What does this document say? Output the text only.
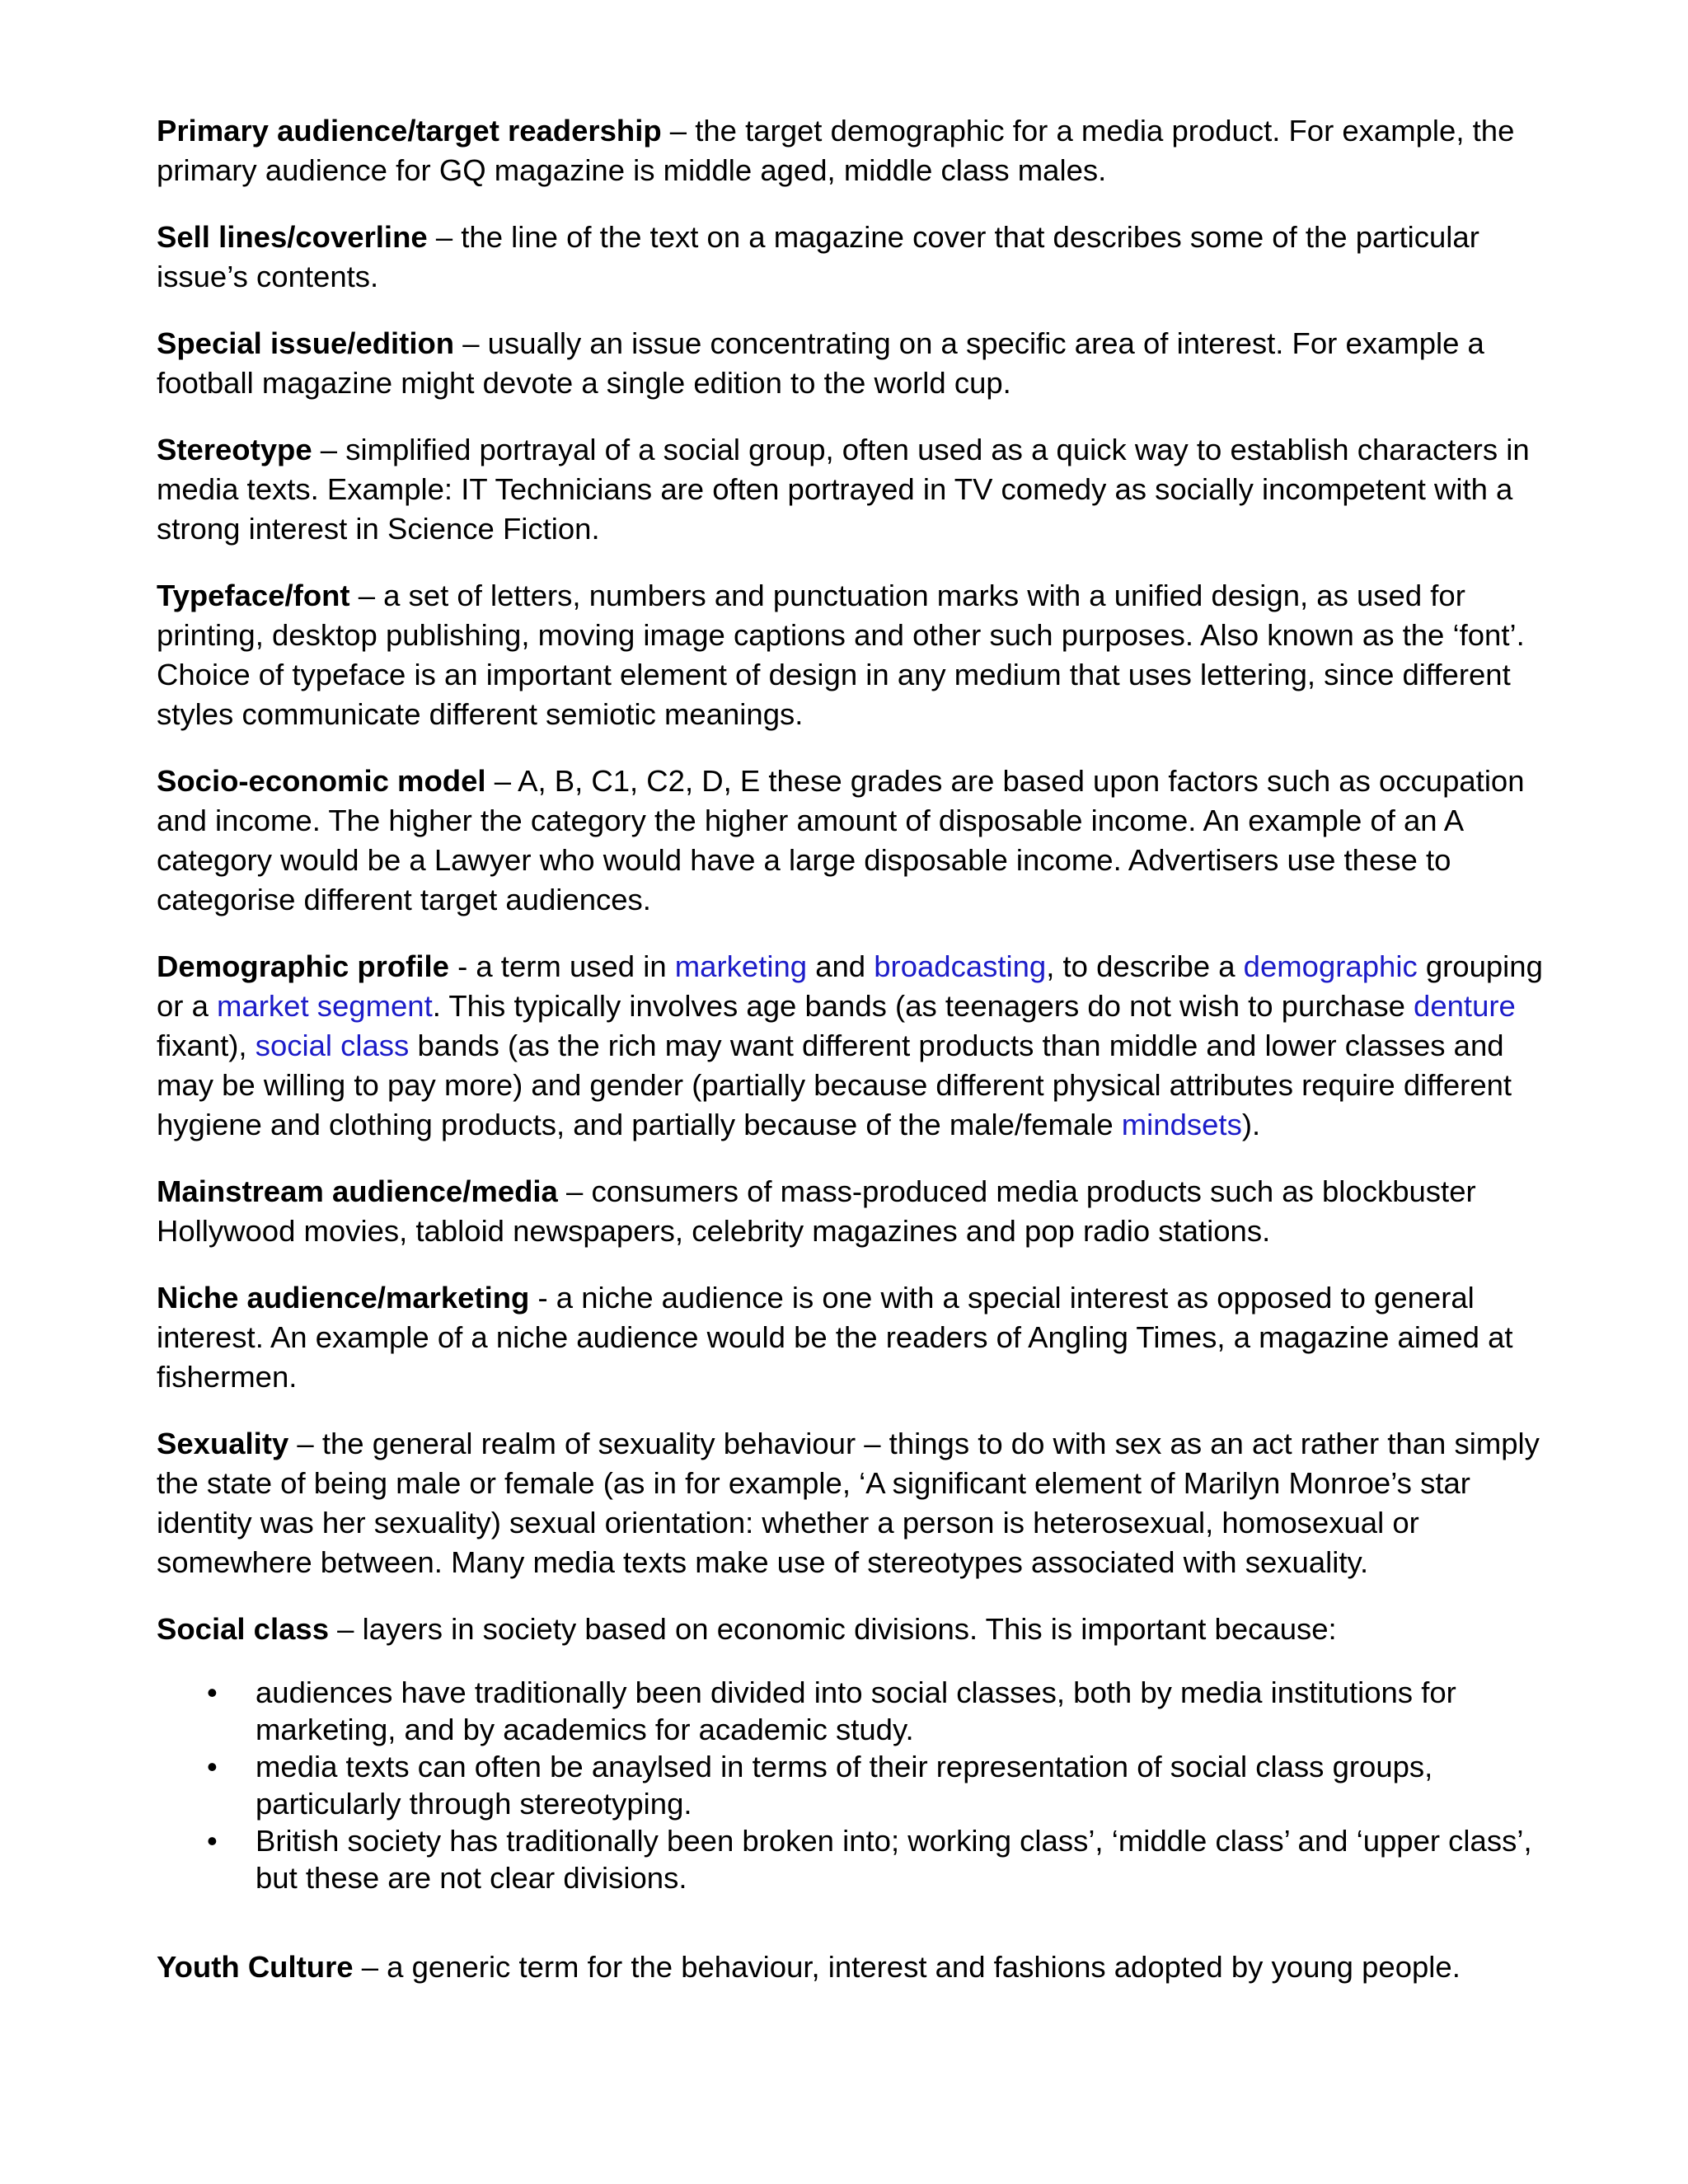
Primary audience/target readership – the target demographic for a media product. For example, the primary audience for GQ magazine is middle aged, middle class males.

Sell lines/coverline – the line of the text on a magazine cover that describes some of the particular issue’s contents.

Special issue/edition – usually an issue concentrating on a specific area of interest. For example a football magazine might devote a single edition to the world cup.

Stereotype – simplified portrayal of a social group, often used as a quick way to establish characters in media texts. Example: IT Technicians are often portrayed in TV comedy as socially incompetent with a strong interest in Science Fiction.

Typeface/font – a set of letters, numbers and punctuation marks with a unified design, as used for printing, desktop publishing, moving image captions and other such purposes. Also known as the ‘font’. Choice of typeface is an important element of design in any medium that uses lettering, since different styles communicate different semiotic meanings.

Socio-economic model – A, B, C1, C2, D, E these grades are based upon factors such as occupation and income. The higher the category the higher amount of disposable income. An example of an A category would be a Lawyer who would have a large disposable income. Advertisers use these to categorise different target audiences.

Demographic profile - a term used in marketing and broadcasting, to describe a demographic grouping or a market segment. This typically involves age bands (as teenagers do not wish to purchase denture fixant), social class bands (as the rich may want different products than middle and lower classes and may be willing to pay more) and gender (partially because different physical attributes require different hygiene and clothing products, and partially because of the male/female mindsets).

Mainstream audience/media – consumers of mass-produced media products such as blockbuster Hollywood movies, tabloid newspapers, celebrity magazines and pop radio stations.

Niche audience/marketing - a niche audience is one with a special interest as opposed to general interest. An example of a niche audience would be the readers of Angling Times, a magazine aimed at fishermen.

Sexuality – the general realm of sexuality behaviour – things to do with sex as an act rather than simply the state of being male or female (as in for example, ‘A significant element of Marilyn Monroe’s star identity was her sexuality) sexual orientation: whether a person is heterosexual, homosexual or somewhere between. Many media texts make use of stereotypes associated with sexuality.

Social class – layers in society based on economic divisions. This is important because:

• audiences have traditionally been divided into social classes, both by media institutions for marketing, and by academics for academic study.
• media texts can often be anaylsed in terms of their representation of social class groups, particularly through stereotyping.
• British society has traditionally been broken into; working class’, ‘middle class’ and ‘upper class’, but these are not clear divisions.

Youth Culture – a generic term for the behaviour, interest and fashions adopted by young people.
